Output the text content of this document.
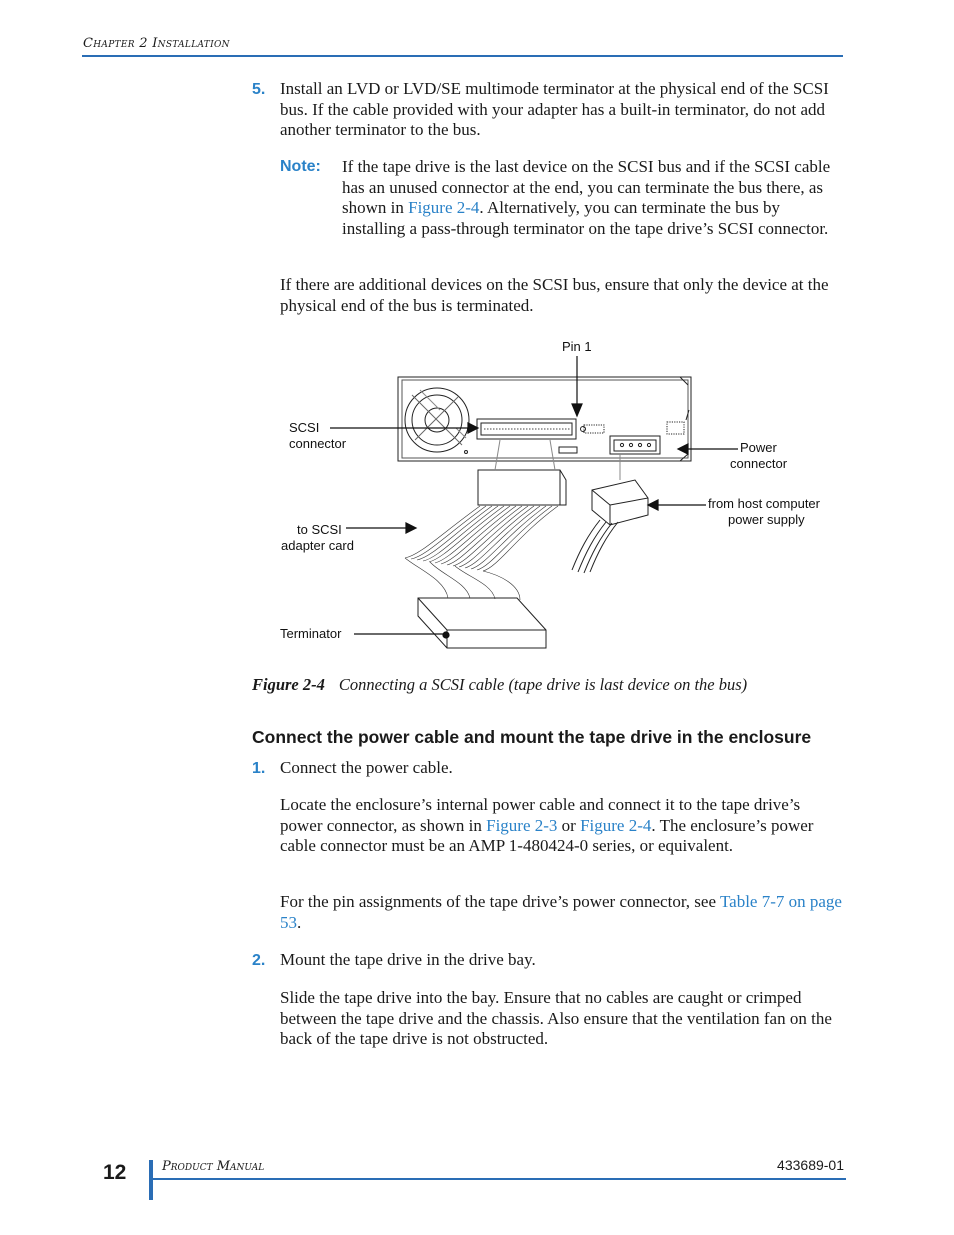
Chapter 2 Installation
5. Install an LVD or LVD/SE multimode terminator at the physical end of the SCSI bus. If the cable provided with your adapter has a built-in terminator, do not add another terminator to the bus.
Note: If the tape drive is the last device on the SCSI bus and if the SCSI cable has an unused connector at the end, you can terminate the bus there, as shown in Figure 2-4. Alternatively, you can terminate the bus by installing a pass-through terminator on the tape drive’s SCSI connector.
If there are additional devices on the SCSI bus, ensure that only the device at the physical end of the bus is terminated.
Pin 1
SCSI
connector	Power
connector
from host computer
power supply
to SCSI
adapter card
Terminator
Figure 2-4 Connecting a SCSI cable (tape drive is last device on the bus)
Connect the power cable and mount the tape drive in the enclosure
1. Connect the power cable.
Locate the enclosure’s internal power cable and connect it to the tape drive’s power connector, as shown in Figure 2-3 or Figure 2-4. The enclosure’s power cable connector must be an AMP 1-480424-0 series, or equivalent.
For the pin assignments of the tape drive’s power connector, see Table 7-7 on page 53.
2. Mount the tape drive in the drive bay.
Slide the tape drive into the bay. Ensure that no cables are caught or crimped between the tape drive and the chassis. Also ensure that the ventilation fan on the back of the tape drive is not obstructed.
12	Product Manual	433689-01
